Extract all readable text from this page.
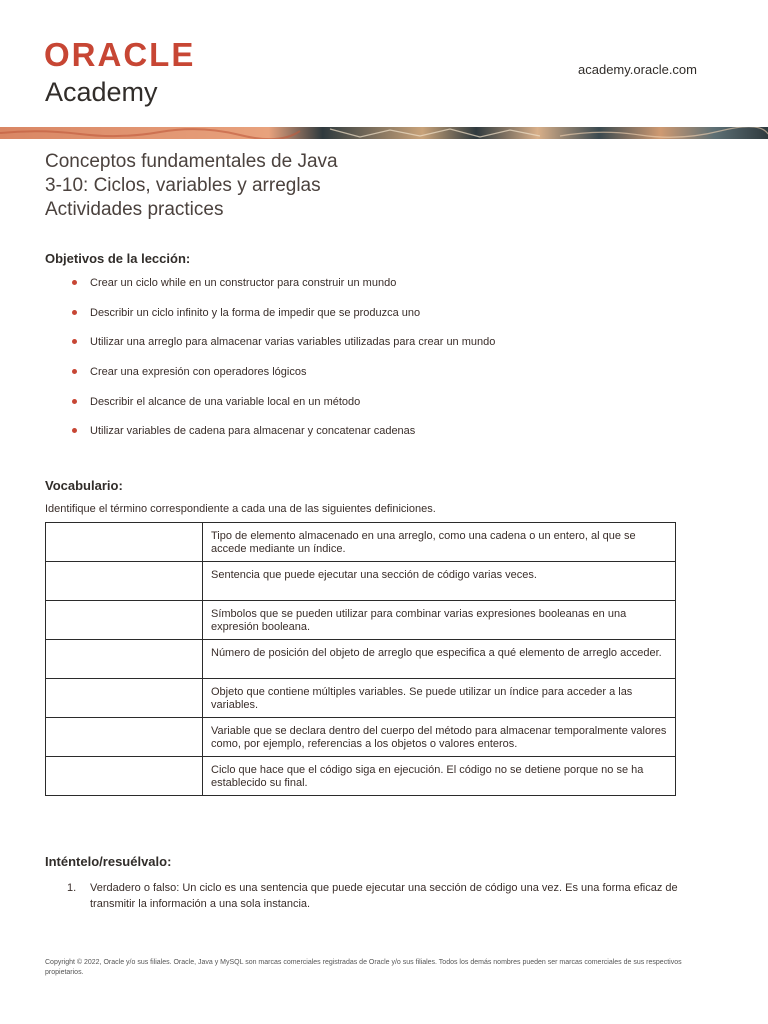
ORACLE
Academy
academy.oracle.com
Conceptos fundamentales de Java
3-10: Ciclos, variables y arreglas
Actividades practices
Objetivos de la lección:
Crear un ciclo while en un constructor para construir un mundo
Describir un ciclo infinito y la forma de impedir que se produzca uno
Utilizar una arreglo para almacenar varias variables utilizadas para crear un mundo
Crear una expresión con operadores lógicos
Describir el alcance de una variable local en un método
Utilizar variables de cadena para almacenar y concatenar cadenas
Vocabulario:
Identifique el término correspondiente a cada una de las siguientes definiciones.
	Tipo de elemento almacenado en una arreglo, como una cadena o un entero, al que se accede mediante un índice.
	Sentencia que puede ejecutar una sección de código varias veces.
	Símbolos que se pueden utilizar para combinar varias expresiones booleanas en una expresión booleana.
	Número de posición del objeto de arreglo que especifica a qué elemento de arreglo acceder.
	Objeto que contiene múltiples variables. Se puede utilizar un índice para acceder a las variables.
	Variable que se declara dentro del cuerpo del método para almacenar temporalmente valores como, por ejemplo, referencias a los objetos o valores enteros.
	Ciclo que hace que el código siga en ejecución. El código no se detiene porque no se ha establecido su final.
Inténtelo/resuélvalo:
1. Verdadero o falso: Un ciclo es una sentencia que puede ejecutar una sección de código una vez. Es una forma eficaz de transmitir la información a una sola instancia.
Copyright © 2022, Oracle y/o sus filiales. Oracle, Java y MySQL son marcas comerciales registradas de Oracle y/o sus filiales. Todos los demás nombres pueden ser marcas comerciales de sus respectivos propietarios.
